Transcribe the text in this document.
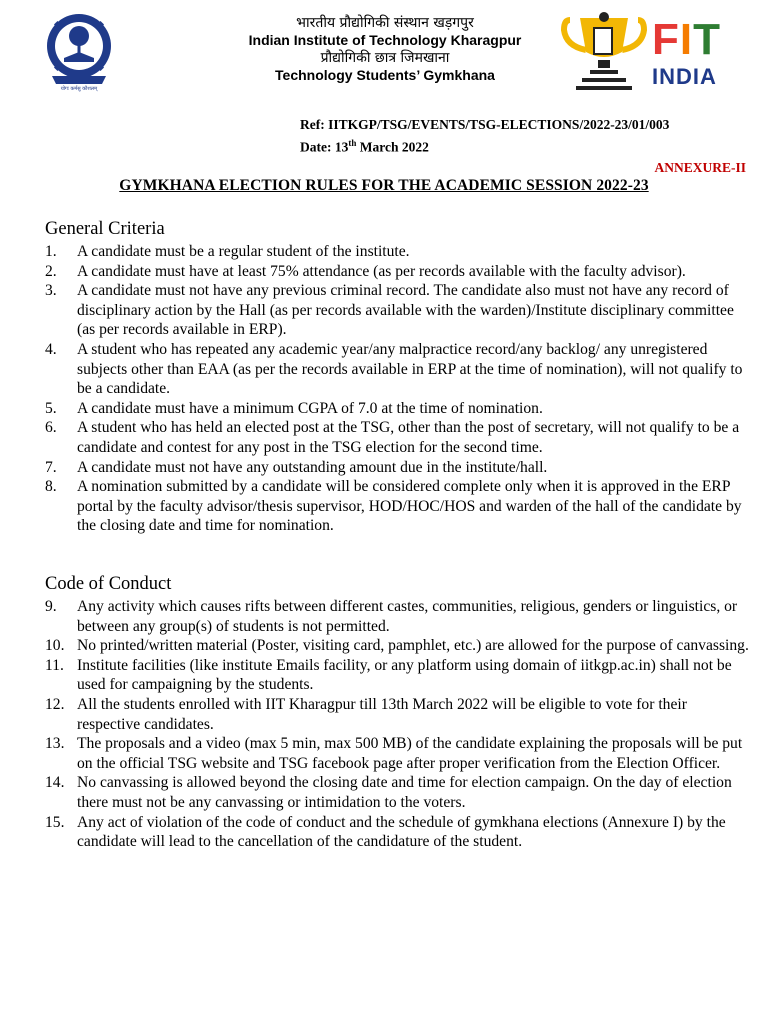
योगः कर्मसु कौशलम्
भारतीय प्रौद्योगिकी संस्थान खड़गपुर
Indian Institute of Technology Kharagpur
प्रौद्योगिकी छात्र जिमखाना
Technology Students’ Gymkhana
FIT
INDIA
Ref: IITKGP/TSG/EVENTS/TSG-ELECTIONS/2022-23/01/003
Date: 13th March 2022
ANNEXURE-II
GYMKHANA ELECTION RULES FOR THE ACADEMIC SESSION 2022-23
General Criteria
1.	A candidate must be a regular student of the institute.
2.	A candidate must have at least 75% attendance (as per records available with the faculty advisor).
3.	A candidate must not have any previous criminal record. The candidate also must not have any record of disciplinary action by the Hall (as per records available with the warden)/Institute disciplinary committee (as per records available in ERP).
4.	A student who has repeated any academic year/any malpractice record/any backlog/ any unregistered subjects other than EAA (as per the records available in ERP at the time of nomination), will not qualify to be a candidate.
5.	A candidate must have a minimum CGPA of 7.0 at the time of nomination.
6.	A student who has held an elected post at the TSG, other than the post of secretary, will not qualify to be a candidate and contest for any post in the TSG election for the second time.
7.	A candidate must not have any outstanding amount due in the institute/hall.
8.	A nomination submitted by a candidate will be considered complete only when it is approved in the ERP portal by the faculty advisor/thesis supervisor, HOD/HOC/HOS and warden of the hall of the candidate by the closing date and time for nomination.
Code of Conduct
9.	Any activity which causes rifts between different castes, communities, religious, genders or linguistics, or between any group(s) of students is not permitted.
10. No printed/written material (Poster, visiting card, pamphlet, etc.) are allowed for the purpose of canvassing.
11. Institute facilities (like institute Emails facility, or any platform using domain of iitkgp.ac.in) shall not be used for campaigning by the students.
12. All the students enrolled with IIT Kharagpur till 13th March 2022 will be eligible to vote for their respective candidates.
13. The proposals and a video (max 5 min, max 500 MB) of the candidate explaining the proposals will be put on the official TSG website and TSG facebook page after proper verification from the Election Officer.
14. No canvassing is allowed beyond the closing date and time for election campaign. On the day of election there must not be any canvassing or intimidation to the voters.
15. Any act of violation of the code of conduct and the schedule of gymkhana elections (Annexure I) by the candidate will lead to the cancellation of the candidature of the student.
